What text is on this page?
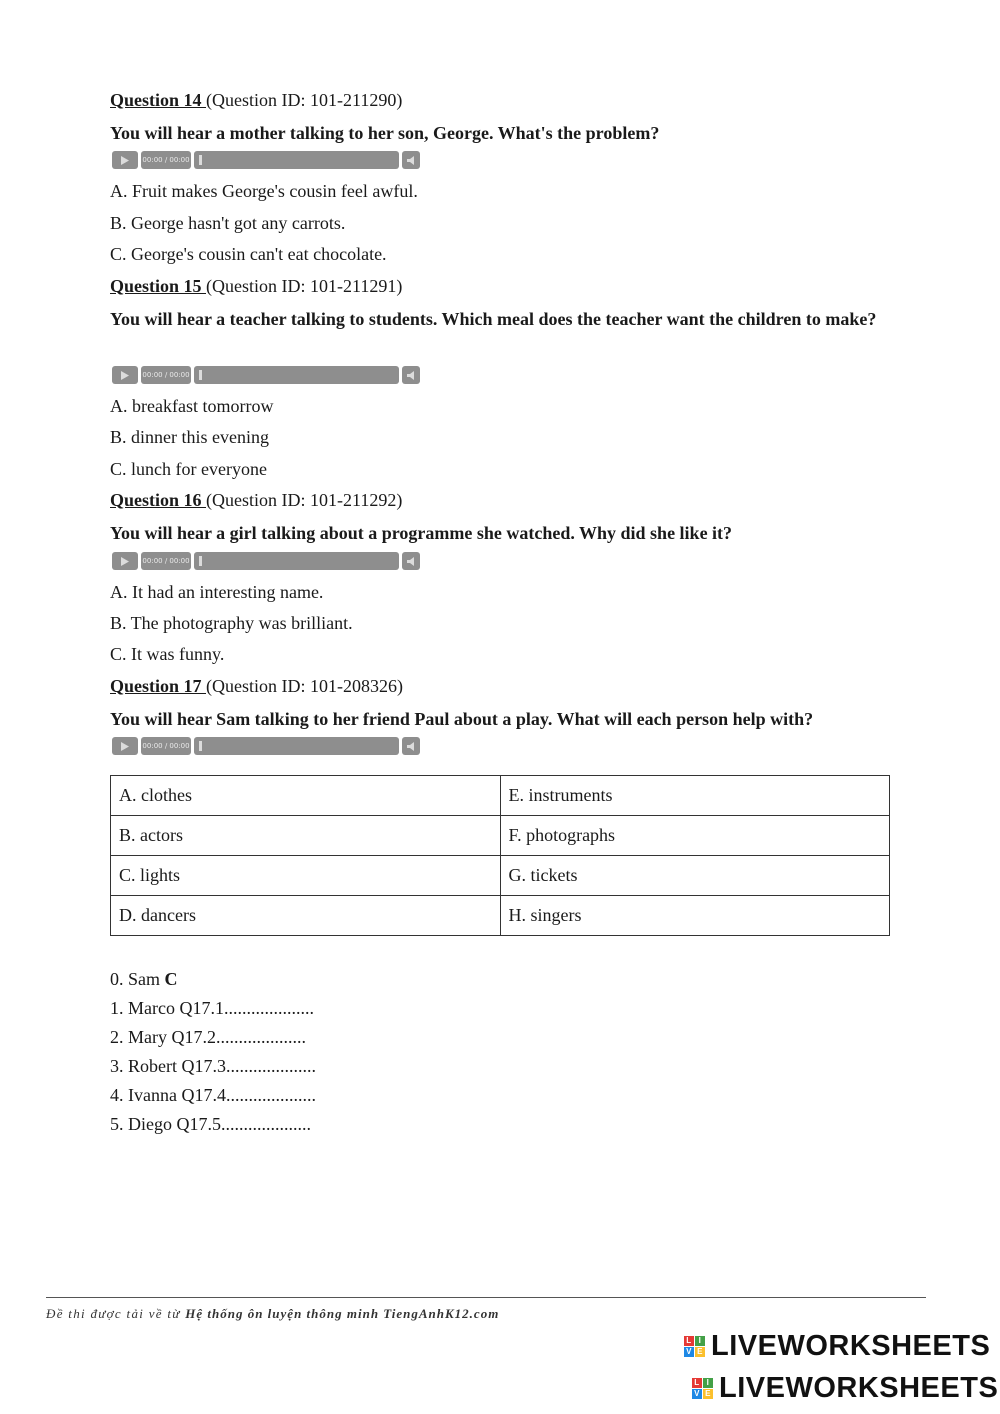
Question 14 (Question ID: 101-211290)
You will hear a mother talking to her son, George. What's the problem?
00:00 / 00:00
A. Fruit makes George's cousin feel awful.
B. George hasn't got any carrots.
C. George's cousin can't eat chocolate.
Question 15 (Question ID: 101-211291)
You will hear a teacher talking to students. Which meal does the teacher want the children to make?
00:00 / 00:00
A. breakfast tomorrow
B. dinner this evening
C. lunch for everyone
Question 16 (Question ID: 101-211292)
You will hear a girl talking about a programme she watched. Why did she like it?
00:00 / 00:00
A. It had an interesting name.
B. The photography was brilliant.
C. It was funny.
Question 17 (Question ID: 101-208326)
You will hear Sam talking to her friend Paul about a play. What will each person help with?
00:00 / 00:00
A. clothes	E. instruments
B. actors	F. photographs
C. lights	G. tickets
D. dancers	H. singers
0. Sam C
1. Marco Q17.1....................
2. Mary Q17.2....................
3. Robert Q17.3....................
4. Ivanna Q17.4....................
5. Diego Q17.5....................
Đề thi được tải về từ Hệ thống ôn luyện thông minh TiengAnhK12.com
L I
V E LIVEWORKSHEETS
L I
V E LIVEWORKSHEETS
